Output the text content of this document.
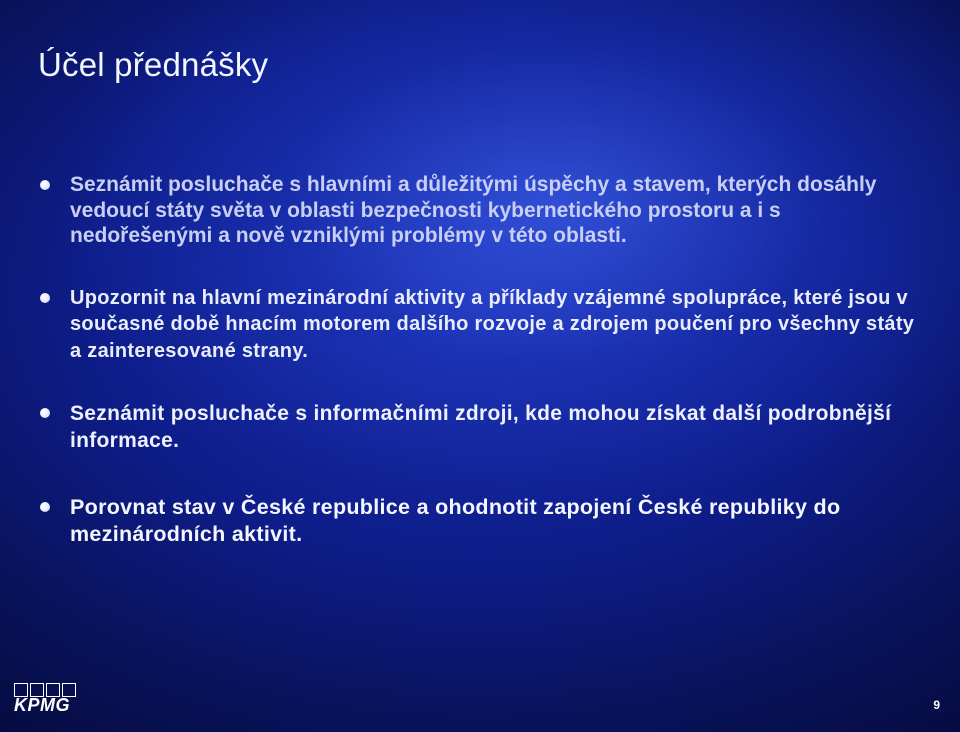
Účel přednášky
Seznámit posluchače s hlavními a důležitými úspěchy a stavem, kterých dosáhly vedoucí státy světa v oblasti bezpečnosti kybernetického prostoru a i s nedořešenými a nově vzniklými problémy v této oblasti.
Upozornit na hlavní mezinárodní aktivity a příklady vzájemné spolupráce, které jsou v současné době hnacím motorem dalšího rozvoje a zdrojem poučení pro všechny státy a zainteresované strany.
Seznámit posluchače s informačními zdroji, kde mohou získat další podrobnější informace.
Porovnat stav v České republice a ohodnotit zapojení České republiky do mezinárodních aktivit.
KPMG	9
